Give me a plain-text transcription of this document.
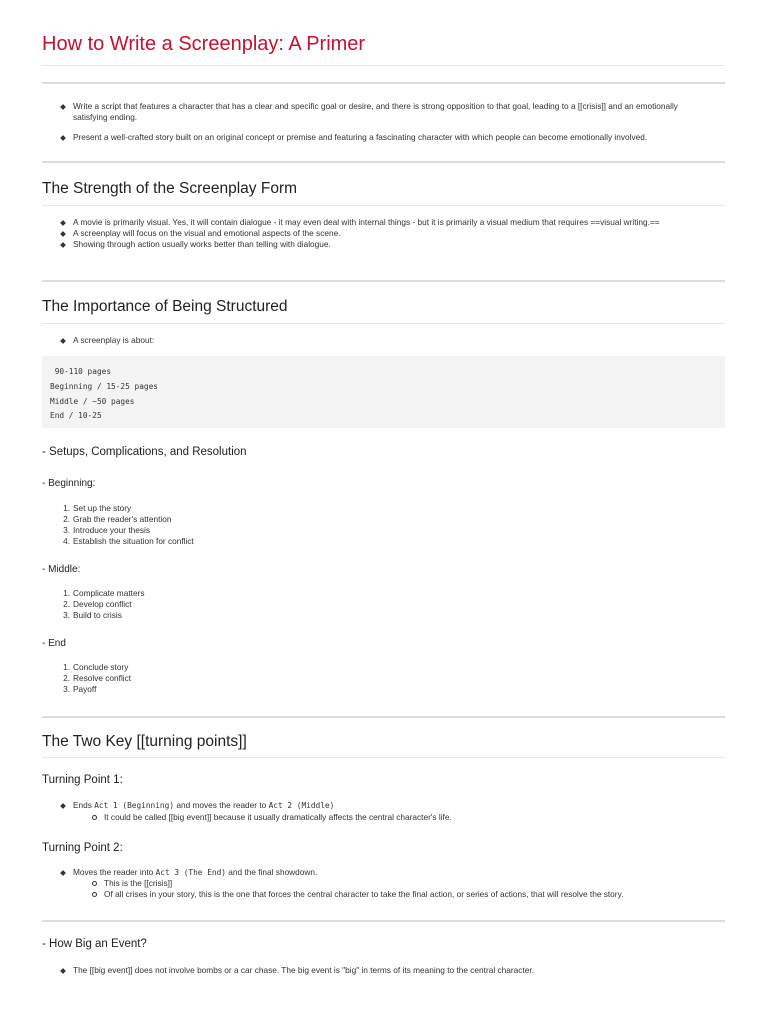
How to Write a Screenplay: A Primer
Write a script that features a character that has a clear and specific goal or desire, and there is strong opposition to that goal, leading to a [[crisis]] and an emotionally satisfying ending.
Present a well-crafted story built on an original concept or premise and featuring a fascinating character with which people can become emotionally involved.
The Strength of the Screenplay Form
A movie is primarily visual. Yes, it will contain dialogue - it may even deal with internal things - but it is primarily a visual medium that requires ==visual writing.==
A screenplay will focus on the visual and emotional aspects of the scene.
Showing through action usually works better than telling with dialogue.
The Importance of Being Structured
A screenplay is about:
90-110 pages
Beginning / 15-25 pages
Middle / ~50 pages
End / 10-25
- Setups, Complications, and Resolution
- Beginning:
1 . Set up the story
2 . Grab the reader's attention
3 . Introduce your thesis
4 . Establish the situation for conflict
- Middle:
1 . Complicate matters
2 . Develop conflict
3 . Build to crisis
- End
1 . Conclude story
2 . Resolve conflict
3 . Payoff
The Two Key [[turning points]]
Turning Point 1:
Ends Act 1 (Beginning) and moves the reader to Act 2 (Middle)
It could be called [[big event]] because it usually dramatically affects the central character's life.
Turning Point 2:
Moves the reader into Act 3 (The End) and the final showdown.
This is the [[crisis]]
Of all crises in your story, this is the one that forces the central character to take the final action, or series of actions, that will resolve the story.
- How Big an Event?
The [[big event]] does not involve bombs or a car chase. The big event is "big" in terms of its meaning to the central character.
